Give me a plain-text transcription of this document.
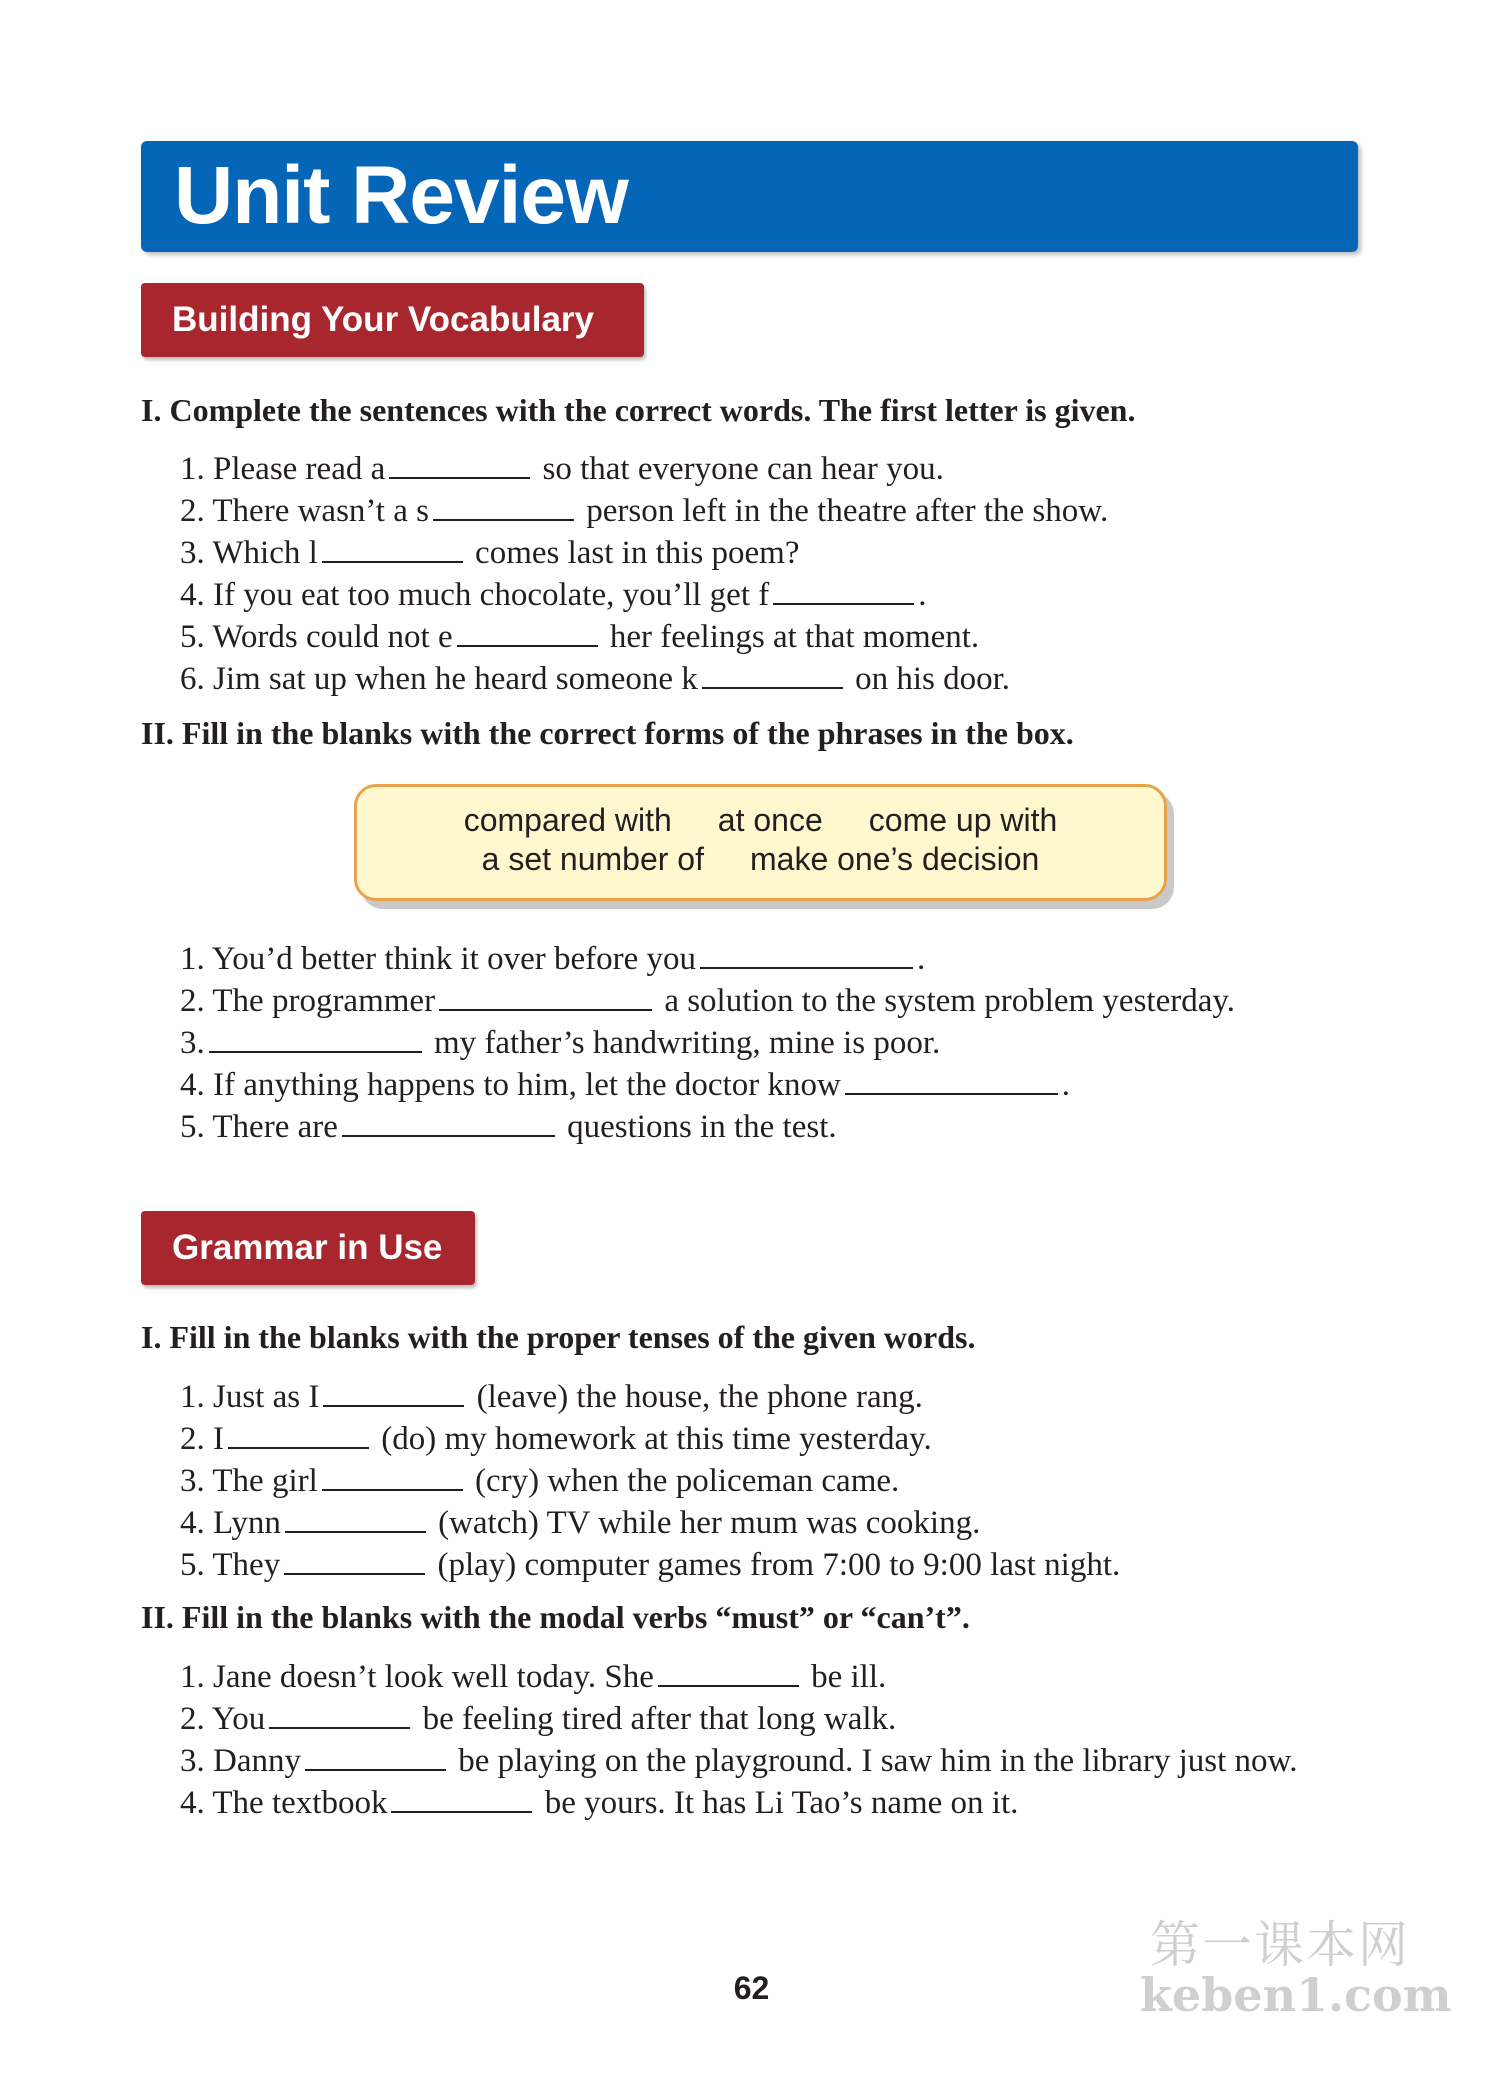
Unit Review
Building Your Vocabulary

I. Complete the sentences with the correct words. The first letter is given.

1. Please read a	so that everyone can hear you.
2. There wasn’t a s	person left in the theatre after the show.
3. Which l	comes last in this poem?
4. If you eat too much chocolate, you’ll get f	.
5. Words could not e	her feelings at that moment.
6. Jim sat up when he heard someone k	on his door.

II. Fill in the blanks with the correct forms of the phrases in the box.

compared with at once come up with
a set number of make one’s decision
1. You’d better think it over before you	.
2. The programmer	a solution to the system problem yesterday.
3.	my father’s handwriting, mine is poor.
4. If anything happens to him, let the doctor know	.
5. There are	questions in the test.
Grammar in Use

I. Fill in the blanks with the proper tenses of the given words.

1. Just as I	(leave) the house, the phone rang.
2. I	(do) my homework at this time yesterday.
3. The girl	(cry) when the policeman came.
4. Lynn	(watch) TV while her mum was cooking.
5. They	(play) computer games from 7:00 to 9:00 last night.

II. Fill in the blanks with the modal verbs “must” or “can’t”.

1. Jane doesn’t look well today. She	be ill.
2. You	be feeling tired after that long walk.
3. Danny	be playing on the playground. I saw him in the library just now.
4. The textbook	be yours. It has Li Tao’s name on it.
62
第一课本网
keben1.com
